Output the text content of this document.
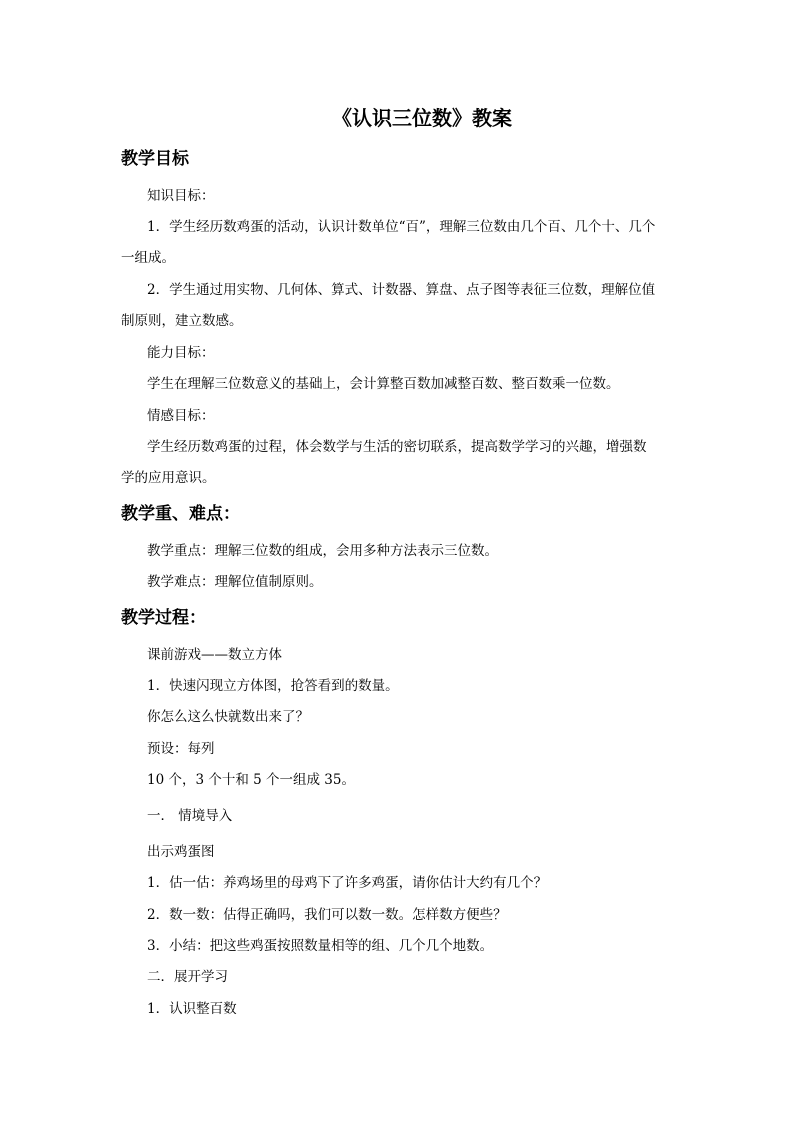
《认识三位数》教案
教学目标
知识目标：
1．学生经历数鸡蛋的活动，认识计数单位“百”，理解三位数由几个百、几个十、几个
一组成。
2．学生通过用实物、几何体、算式、计数器、算盘、点子图等表征三位数，理解位值
制原则，建立数感。
能力目标：
学生在理解三位数意义的基础上，会计算整百数加减整百数、整百数乘一位数。
情感目标：
学生经历数鸡蛋的过程，体会数学与生活的密切联系，提高数学学习的兴趣，增强数
学的应用意识。
教学重、难点：
教学重点：理解三位数的组成，会用多种方法表示三位数。
教学难点：理解位值制原则。
教学过程：
课前游戏——数立方体
1．快速闪现立方体图，抢答看到的数量。
你怎么这么快就数出来了？
预设：每列
10 个，3 个十和 5 个一组成 35。
一． 情境导入
出示鸡蛋图
1．估一估：养鸡场里的母鸡下了许多鸡蛋，请你估计大约有几个？
2．数一数：估得正确吗，我们可以数一数。怎样数方便些？
3．小结：把这些鸡蛋按照数量相等的组、几个几个地数。
二．展开学习
1．认识整百数
